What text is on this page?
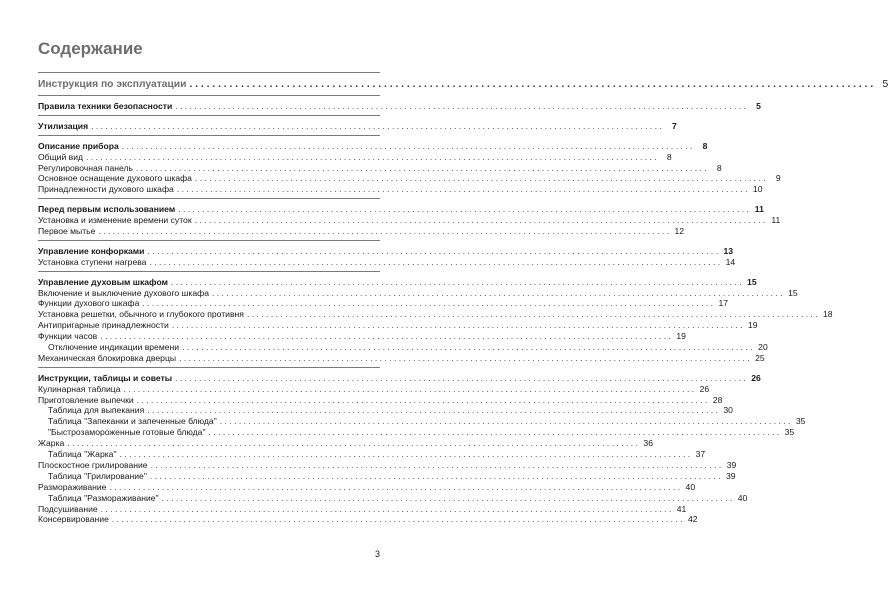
Содержание
Инструкция по эксплуатации . . . . . . . . . . . . . . . . . . . . . . . . . . . . . . . . . . . . . . . . . . . . . . . . . . . . . . . . . . . . . . . . . . . . . . . . . . . . . . . . . . . . . . . . . . . . . . . . . . . . . . . . . . . . . . . . . . . . . . . . 5
Правила техники безопасности . . . . . . . . . . . . . . . . . . . . . . . . . . . . . . . . . . . . . . . . . . . . . . . . . . . . . . . . . . . . . . . . . . . . . . . . . . . . . . . . . . . . . . . . . . . . . . . . . . . . . . . . . . . . . . . . . . . . . . . .	5
Утилизация . . . . . . . . . . . . . . . . . . . . . . . . . . . . . . . . . . . . . . . . . . . . . . . . . . . . . . . . . . . . . . . . . . . . . . . . . . . . . . . . . . . . . . . . . . . . . . . . . . . . . . . . . . . . . . . . . . . . . . . .	7
Описание прибора . . . . . . . . . . . . . . . . . . . . . . . . . . . . . . . . . . . . . . . . . . . . . . . . . . . . . . . . . . . . . . . . . . . . . . . . . . . . . . . . . . . . . . . . . . . . . . . . . . . . . . . . . . . . . . . . . . . . . . . .	8
Общий вид . . . . . . . . . . . . . . . . . . . . . . . . . . . . . . . . . . . . . . . . . . . . . . . . . . . . . . . . . . . . . . . . . . . . . . . . . . . . . . . . . . . . . . . . . . . . . . . . . . . . . . . . . . . . . . . . . . . . . . . .	8
Регулировочная панель . . . . . . . . . . . . . . . . . . . . . . . . . . . . . . . . . . . . . . . . . . . . . . . . . . . . . . . . . . . . . . . . . . . . . . . . . . . . . . . . . . . . . . . . . . . . . . . . . . . . . . . . . . . . . . . . . . . . . . . .	8
Основное оснащение духового шкафа . . . . . . . . . . . . . . . . . . . . . . . . . . . . . . . . . . . . . . . . . . . . . . . . . . . . . . . . . . . . . . . . . . . . . . . . . . . . . . . . . . . . . . . . . . . . . . . . . . . . . . . . . . . . . . . . . . . . . . . .	9
Принадлежности духового шкафа . . . . . . . . . . . . . . . . . . . . . . . . . . . . . . . . . . . . . . . . . . . . . . . . . . . . . . . . . . . . . . . . . . . . . . . . . . . . . . . . . . . . . . . . . . . . . . . . . . . . . . . . . . . . . . . . . . . . . . . . 10
Перед первым использованием . . . . . . . . . . . . . . . . . . . . . . . . . . . . . . . . . . . . . . . . . . . . . . . . . . . . . . . . . . . . . . . . . . . . . . . . . . . . . . . . . . . . . . . . . . . . . . . . . . . . . . . . . . . . . . . . . . . . . . . . 11
Установка и изменение времени суток . . . . . . . . . . . . . . . . . . . . . . . . . . . . . . . . . . . . . . . . . . . . . . . . . . . . . . . . . . . . . . . . . . . . . . . . . . . . . . . . . . . . . . . . . . . . . . . . . . . . . . . . . . . . . . . . . . . . . . . . 11
Первое мытье . . . . . . . . . . . . . . . . . . . . . . . . . . . . . . . . . . . . . . . . . . . . . . . . . . . . . . . . . . . . . . . . . . . . . . . . . . . . . . . . . . . . . . . . . . . . . . . . . . . . . . . . . . . . . . . . . . . . . . . . 12
Управление конфорками . . . . . . . . . . . . . . . . . . . . . . . . . . . . . . . . . . . . . . . . . . . . . . . . . . . . . . . . . . . . . . . . . . . . . . . . . . . . . . . . . . . . . . . . . . . . . . . . . . . . . . . . . . . . . . . . . . . . . . . . 13
Установка ступени нагрева . . . . . . . . . . . . . . . . . . . . . . . . . . . . . . . . . . . . . . . . . . . . . . . . . . . . . . . . . . . . . . . . . . . . . . . . . . . . . . . . . . . . . . . . . . . . . . . . . . . . . . . . . . . . . . . . . . . . . . . . 14
Управление духовым шкафом . . . . . . . . . . . . . . . . . . . . . . . . . . . . . . . . . . . . . . . . . . . . . . . . . . . . . . . . . . . . . . . . . . . . . . . . . . . . . . . . . . . . . . . . . . . . . . . . . . . . . . . . . . . . . . . . . . . . . . . . 15
Включение и выключение духового шкафа . . . . . . . . . . . . . . . . . . . . . . . . . . . . . . . . . . . . . . . . . . . . . . . . . . . . . . . . . . . . . . . . . . . . . . . . . . . . . . . . . . . . . . . . . . . . . . . . . . . . . . . . . . . . . . . . . . . . . . . . 15
Функции духового шкафа . . . . . . . . . . . . . . . . . . . . . . . . . . . . . . . . . . . . . . . . . . . . . . . . . . . . . . . . . . . . . . . . . . . . . . . . . . . . . . . . . . . . . . . . . . . . . . . . . . . . . . . . . . . . . . . . . . . . . . . . 17
Установка решетки, обычного и глубокого противня . . . . . . . . . . . . . . . . . . . . . . . . . . . . . . . . . . . . . . . . . . . . . . . . . . . . . . . . . . . . . . . . . . . . . . . . . . . . . . . . . . . . . . . . . . . . . . . . . . . . . . . . . . . . . . . . . . . . . . . . 18
Антипригарные принадлежности . . . . . . . . . . . . . . . . . . . . . . . . . . . . . . . . . . . . . . . . . . . . . . . . . . . . . . . . . . . . . . . . . . . . . . . . . . . . . . . . . . . . . . . . . . . . . . . . . . . . . . . . . . . . . . . . . . . . . . . . 19
Функции часов . . . . . . . . . . . . . . . . . . . . . . . . . . . . . . . . . . . . . . . . . . . . . . . . . . . . . . . . . . . . . . . . . . . . . . . . . . . . . . . . . . . . . . . . . . . . . . . . . . . . . . . . . . . . . . . . . . . . . . . . 19
Отключение индикации времени . . . . . . . . . . . . . . . . . . . . . . . . . . . . . . . . . . . . . . . . . . . . . . . . . . . . . . . . . . . . . . . . . . . . . . . . . . . . . . . . . . . . . . . . . . . . . . . . . . . . . . . . . . . . . . . . . . . . . . . . 20
Механическая блокировка дверцы . . . . . . . . . . . . . . . . . . . . . . . . . . . . . . . . . . . . . . . . . . . . . . . . . . . . . . . . . . . . . . . . . . . . . . . . . . . . . . . . . . . . . . . . . . . . . . . . . . . . . . . . . . . . . . . . . . . . . . . . 25
Инструкции, таблицы и советы . . . . . . . . . . . . . . . . . . . . . . . . . . . . . . . . . . . . . . . . . . . . . . . . . . . . . . . . . . . . . . . . . . . . . . . . . . . . . . . . . . . . . . . . . . . . . . . . . . . . . . . . . . . . . . . . . . . . . . . . 26
Кулинарная таблица . . . . . . . . . . . . . . . . . . . . . . . . . . . . . . . . . . . . . . . . . . . . . . . . . . . . . . . . . . . . . . . . . . . . . . . . . . . . . . . . . . . . . . . . . . . . . . . . . . . . . . . . . . . . . . . . . . . . . . . . 26
Приготовление выпечки . . . . . . . . . . . . . . . . . . . . . . . . . . . . . . . . . . . . . . . . . . . . . . . . . . . . . . . . . . . . . . . . . . . . . . . . . . . . . . . . . . . . . . . . . . . . . . . . . . . . . . . . . . . . . . . . . . . . . . . . 28
Таблица для выпекания . . . . . . . . . . . . . . . . . . . . . . . . . . . . . . . . . . . . . . . . . . . . . . . . . . . . . . . . . . . . . . . . . . . . . . . . . . . . . . . . . . . . . . . . . . . . . . . . . . . . . . . . . . . . . . . . . . . . . . . . 30
Таблица "Запеканки и запеченные блюда" . . . . . . . . . . . . . . . . . . . . . . . . . . . . . . . . . . . . . . . . . . . . . . . . . . . . . . . . . . . . . . . . . . . . . . . . . . . . . . . . . . . . . . . . . . . . . . . . . . . . . . . . . . . . . . . . . . . . . . . . 35
"Быстрозамороженные готовые блюда" . . . . . . . . . . . . . . . . . . . . . . . . . . . . . . . . . . . . . . . . . . . . . . . . . . . . . . . . . . . . . . . . . . . . . . . . . . . . . . . . . . . . . . . . . . . . . . . . . . . . . . . . . . . . . . . . . . . . . . . . 35
Жарка . . . . . . . . . . . . . . . . . . . . . . . . . . . . . . . . . . . . . . . . . . . . . . . . . . . . . . . . . . . . . . . . . . . . . . . . . . . . . . . . . . . . . . . . . . . . . . . . . . . . . . . . . . . . . . . . . . . . . . . . 36
Таблица "Жарка" . . . . . . . . . . . . . . . . . . . . . . . . . . . . . . . . . . . . . . . . . . . . . . . . . . . . . . . . . . . . . . . . . . . . . . . . . . . . . . . . . . . . . . . . . . . . . . . . . . . . . . . . . . . . . . . . . . . . . . . . 37
Плоскостное грилирование . . . . . . . . . . . . . . . . . . . . . . . . . . . . . . . . . . . . . . . . . . . . . . . . . . . . . . . . . . . . . . . . . . . . . . . . . . . . . . . . . . . . . . . . . . . . . . . . . . . . . . . . . . . . . . . . . . . . . . . . 39
Таблица "Грилирование" . . . . . . . . . . . . . . . . . . . . . . . . . . . . . . . . . . . . . . . . . . . . . . . . . . . . . . . . . . . . . . . . . . . . . . . . . . . . . . . . . . . . . . . . . . . . . . . . . . . . . . . . . . . . . . . . . . . . . . . . 39
Размораживание . . . . . . . . . . . . . . . . . . . . . . . . . . . . . . . . . . . . . . . . . . . . . . . . . . . . . . . . . . . . . . . . . . . . . . . . . . . . . . . . . . . . . . . . . . . . . . . . . . . . . . . . . . . . . . . . . . . . . . . . 40
Таблица "Размораживание" . . . . . . . . . . . . . . . . . . . . . . . . . . . . . . . . . . . . . . . . . . . . . . . . . . . . . . . . . . . . . . . . . . . . . . . . . . . . . . . . . . . . . . . . . . . . . . . . . . . . . . . . . . . . . . . . . . . . . . . . 40
Подсушивание . . . . . . . . . . . . . . . . . . . . . . . . . . . . . . . . . . . . . . . . . . . . . . . . . . . . . . . . . . . . . . . . . . . . . . . . . . . . . . . . . . . . . . . . . . . . . . . . . . . . . . . . . . . . . . . . . . . . . . . . 41
Консервирование . . . . . . . . . . . . . . . . . . . . . . . . . . . . . . . . . . . . . . . . . . . . . . . . . . . . . . . . . . . . . . . . . . . . . . . . . . . . . . . . . . . . . . . . . . . . . . . . . . . . . . . . . . . . . . . . . . . . . . . . 42
3
